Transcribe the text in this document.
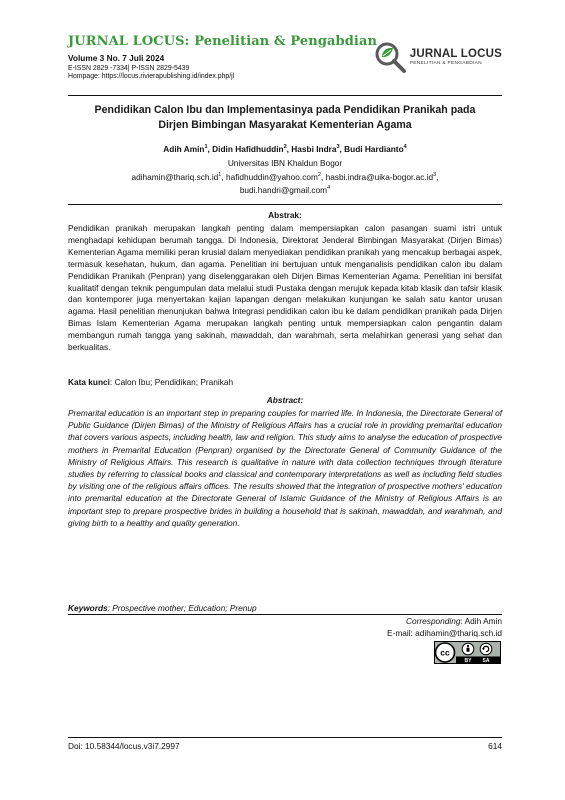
JURNAL LOCUS: Penelitian & Pengabdian
Volume 3 No. 7 Juli 2024
E-ISSN 2829 -7334| P-ISSN 2829-5439
Hompage: https://locus.rivierapublishing.id/index.php/jl
JURNAL LOCUS
PENELITIAN & PENGABDIAN
Pendidikan Calon Ibu dan Implementasinya pada Pendidikan Pranikah pada
Dirjen Bimbingan Masyarakat Kementerian Agama
Adih Amin$^1$, Didin Hafidhuddin$^2$, Hasbi Indra$^3$, Budi Hardianto$^4$
Universitas IBN Khaldun Bogor
$adihamin@thariq.sch.id^1$, hafidhuddin@yahoo.com$^2$, $hasbi.indra@uika-bogor.ac.id^3$,
budi.handri@gmail.com$^4$
Abstrak:
Pendidikan pranikah merupakan langkah penting dalam mempersiapkan calon pasangan suami istri untuk menghadapi kehidupan berumah tangga. Di Indonesia, Direktorat Jenderal Bimbingan Masyarakat (Dirjen Bimas) Kementerian Agama memiliki peran krusial dalam menyediakan pendidikan pranikah yang mencakup berbagai aspek, termasuk kesehatan, hukum, dan agama. Penelitian ini bertujuan untuk menganalisis pendidikan calon ibu dalam Pendidikan Pranikah (Penpran) yang diselenggarakan oleh Dirjen Bimas Kementerian Agama. Penelitian ini bersifat kualitatif dengan teknik pengumpulan data melalui studi Pustaka dengan merujuk kepada kitab klasik dan tafsir klasik dan kontemporer juga menyertakan kajian lapangan dengan melakukan kunjungan ke salah satu kantor urusan agama. Hasil penelitian menunjukan bahwa Integrasi pendidikan calon ibu ke dalam pendidikan pranikah pada Dirjen Bimas Islam Kementerian Agama merupakan langkah penting untuk mempersiapkan calon pengantin dalam membangun rumah tangga yang sakinah, mawaddah, dan warahmah, serta melahirkan generasi yang sehat dan berkualitas.
Kata kunci: Calon Ibu; Pendidikan; Pranikah
Abstract:
Premarital education is an important step in preparing couples for married life. In Indonesia, the Directorate General of Public Guidance (Dirjen Bimas) of the Ministry of Religious Affairs has a crucial role in providing premarital education that covers various aspects, including health, law and religion. This study aims to analyse the education of prospective mothers in Premarital Education (Penpran) organised by the Directorate General of Community Guidance of the Ministry of Religious Affairs. This research is qualitative in nature with data collection techniques through literature studies by referring to classical books and classical and contemporary interpretations as well as including field studies by visiting one of the religious affairs offices. The results showed that the integration of prospective mothers' education into premarital education at the Directorate General of Islamic Guidance of the Ministry of Religious Affairs is an important step to prepare prospective brides in building a household that is sakinah, mawaddah, and warahmah, and giving birth to a healthy and quality generation.
Keywords: Prospective mother; Education; Prenup
Corresponding: Adih Amin
E-mail: adihamin@thariq.sch.id
cc
BY SA
Doi: 10.58344/locus.v3i7.2997	614
